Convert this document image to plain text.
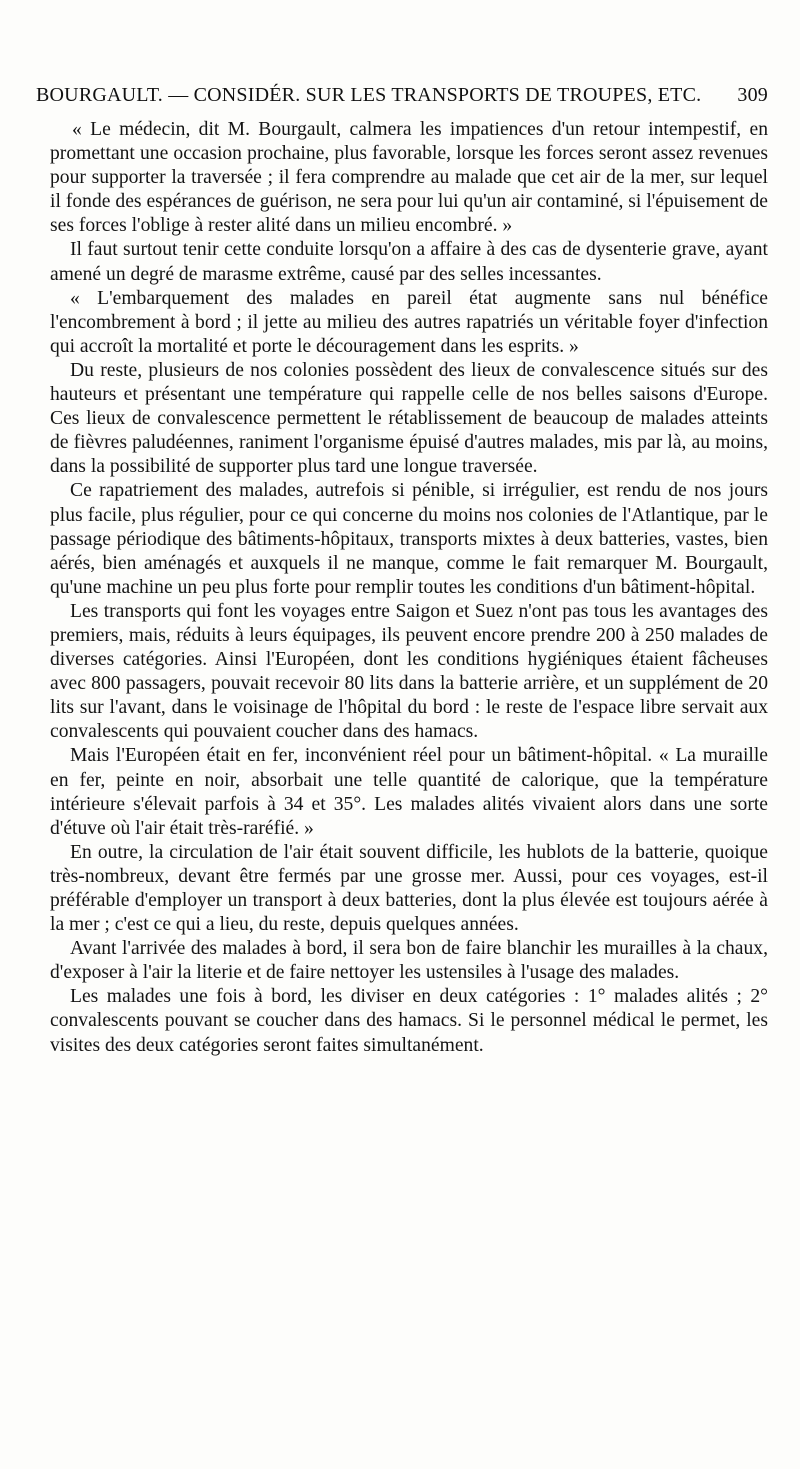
BOURGAULT. — CONSIDÉR. SUR LES TRANSPORTS DE TROUPES, ETC. 309

« Le médecin, dit M. Bourgault, calmera les impatiences d'un retour intempestif, en promettant une occasion prochaine, plus favorable, lorsque les forces seront assez revenues pour supporter la traversée ; il fera comprendre au malade que cet air de la mer, sur lequel il fonde des espérances de guérison, ne sera pour lui qu'un air contaminé, si l'épuisement de ses forces l'oblige à rester alité dans un milieu encombré. »

Il faut surtout tenir cette conduite lorsqu'on a affaire à des cas de dysenterie grave, ayant amené un degré de marasme extrême, causé par des selles incessantes.

« L'embarquement des malades en pareil état augmente sans nul bénéfice l'encombrement à bord ; il jette au milieu des autres rapatriés un véritable foyer d'infection qui accroît la mortalité et porte le découragement dans les esprits. »

Du reste, plusieurs de nos colonies possèdent des lieux de convalescence situés sur des hauteurs et présentant une température qui rappelle celle de nos belles saisons d'Europe. Ces lieux de convalescence permettent le rétablissement de beaucoup de malades atteints de fièvres paludéennes, raniment l'organisme épuisé d'autres malades, mis par là, au moins, dans la possibilité de supporter plus tard une longue traversée.

Ce rapatriement des malades, autrefois si pénible, si irrégulier, est rendu de nos jours plus facile, plus régulier, pour ce qui concerne du moins nos colonies de l'Atlantique, par le passage périodique des bâtiments-hôpitaux, transports mixtes à deux batteries, vastes, bien aérés, bien aménagés et auxquels il ne manque, comme le fait remarquer M. Bourgault, qu'une machine un peu plus forte pour remplir toutes les conditions d'un bâtiment-hôpital.

Les transports qui font les voyages entre Saigon et Suez n'ont pas tous les avantages des premiers, mais, réduits à leurs équipages, ils peuvent encore prendre 200 à 250 malades de diverses catégories. Ainsi l'Européen, dont les conditions hygiéniques étaient fâcheuses avec 800 passagers, pouvait recevoir 80 lits dans la batterie arrière, et un supplément de 20 lits sur l'avant, dans le voisinage de l'hôpital du bord : le reste de l'espace libre servait aux convalescents qui pouvaient coucher dans des hamacs.

Mais l'Européen était en fer, inconvénient réel pour un bâtiment-hôpital. « La muraille en fer, peinte en noir, absorbait une telle quantité de calorique, que la température intérieure s'élevait parfois à 34 et 35°. Les malades alités vivaient alors dans une sorte d'étuve où l'air était très-raréfié. »

En outre, la circulation de l'air était souvent difficile, les hublots de la batterie, quoique très-nombreux, devant être fermés par une grosse mer. Aussi, pour ces voyages, est-il préférable d'employer un transport à deux batteries, dont la plus élevée est toujours aérée à la mer ; c'est ce qui a lieu, du reste, depuis quelques années.

Avant l'arrivée des malades à bord, il sera bon de faire blanchir les murailles à la chaux, d'exposer à l'air la literie et de faire nettoyer les ustensiles à l'usage des malades.

Les malades une fois à bord, les diviser en deux catégories : 1° malades alités ; 2° convalescents pouvant se coucher dans des hamacs. Si le personnel médical le permet, les visites des deux catégories seront faites simultanément.
